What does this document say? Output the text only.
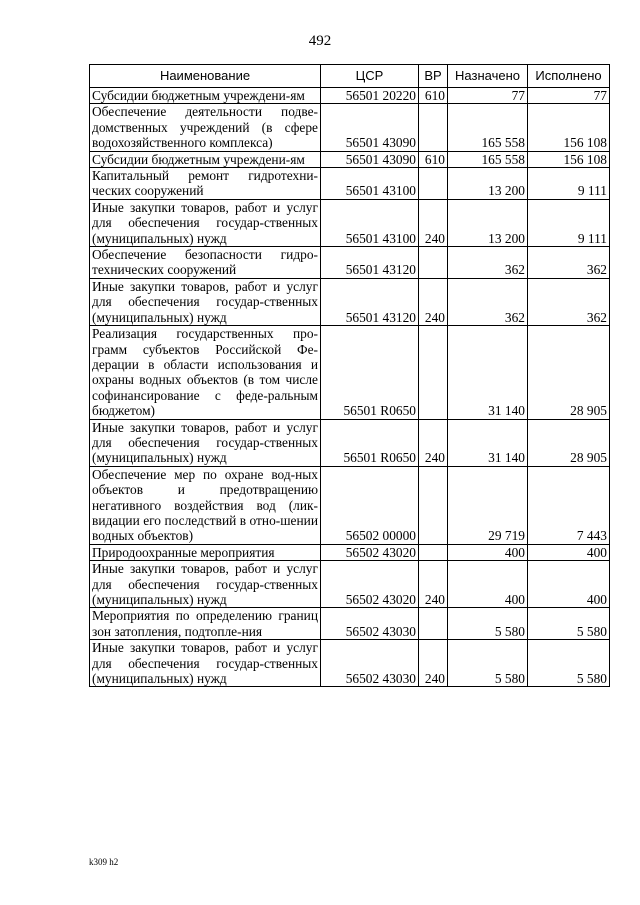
492
Наименование	ЦСР	ВР	Назначено	Исполнено
Субсидии бюджетным учреждени-ям	56501 20220	610	77	77
Обеспечение деятельности подве-домственных учреждений (в сфере водохозяйственного комплекса)	56501 43090		165 558	156 108
Субсидии бюджетным учреждени-ям	56501 43090	610	165 558	156 108
Капитальный ремонт гидротехни-ческих сооружений	56501 43100		13 200	9 111
Иные закупки товаров, работ и услуг для обеспечения государ-ственных (муниципальных) нужд	56501 43100	240	13 200	9 111
Обеспечение безопасности гидро-технических сооружений	56501 43120		362	362
Иные закупки товаров, работ и услуг для обеспечения государ-ственных (муниципальных) нужд	56501 43120	240	362	362
Реализация государственных про-грамм субъектов Российской Фе-дерации в области использования и охраны водных объектов (в том числе софинансирование с феде-ральным бюджетом)	56501 R0650		31 140	28 905
Иные закупки товаров, работ и услуг для обеспечения государ-ственных (муниципальных) нужд	56501 R0650	240	31 140	28 905
Обеспечение мер по охране вод-ных объектов и предотвращению негативного воздействия вод (лик-видации его последствий в отно-шении водных объектов)	56502 00000		29 719	7 443
Природоохранные мероприятия	56502 43020		400	400
Иные закупки товаров, работ и услуг для обеспечения государ-ственных (муниципальных) нужд	56502 43020	240	400	400
Мероприятия по определению границ зон затопления, подтопле-ния	56502 43030		5 580	5 580
Иные закупки товаров, работ и услуг для обеспечения государ-ственных (муниципальных) нужд	56502 43030	240	5 580	5 580
k309 h2
